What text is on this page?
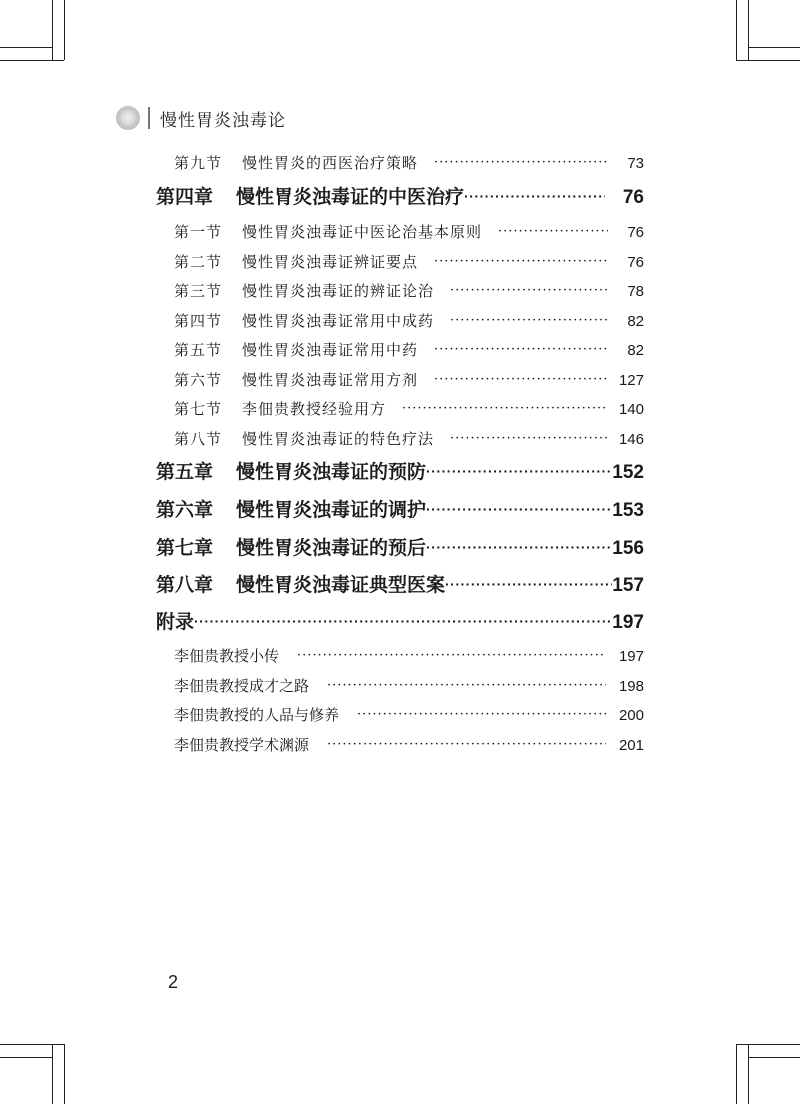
慢性胃炎浊毒论
第九节 慢性胃炎的西医治疗策略 ·····	73
第四章 慢性胃炎浊毒证的中医治疗 ·····	76
第一节 慢性胃炎浊毒证中医论治基本原则 ·····	76
第二节 慢性胃炎浊毒证辨证要点 ·····	76
第三节 慢性胃炎浊毒证的辨证论治 ·····	78
第四节 慢性胃炎浊毒证常用中成药 ·····	82
第五节 慢性胃炎浊毒证常用中药 ·····	82
第六节 慢性胃炎浊毒证常用方剂 ·····	127
第七节 李佃贵教授经验用方 ·····	140
第八节 慢性胃炎浊毒证的特色疗法 ·····	146
第五章 慢性胃炎浊毒证的预防 ·····	152
第六章 慢性胃炎浊毒证的调护 ·····	153
第七章 慢性胃炎浊毒证的预后 ·····	156
第八章 慢性胃炎浊毒证典型医案 ·····	157
附录 ·····	197
李佃贵教授小传 ·····	197
李佃贵教授成才之路 ·····	198
李佃贵教授的人品与修养 ·····	200
李佃贵教授学术渊源 ·····	201
2
